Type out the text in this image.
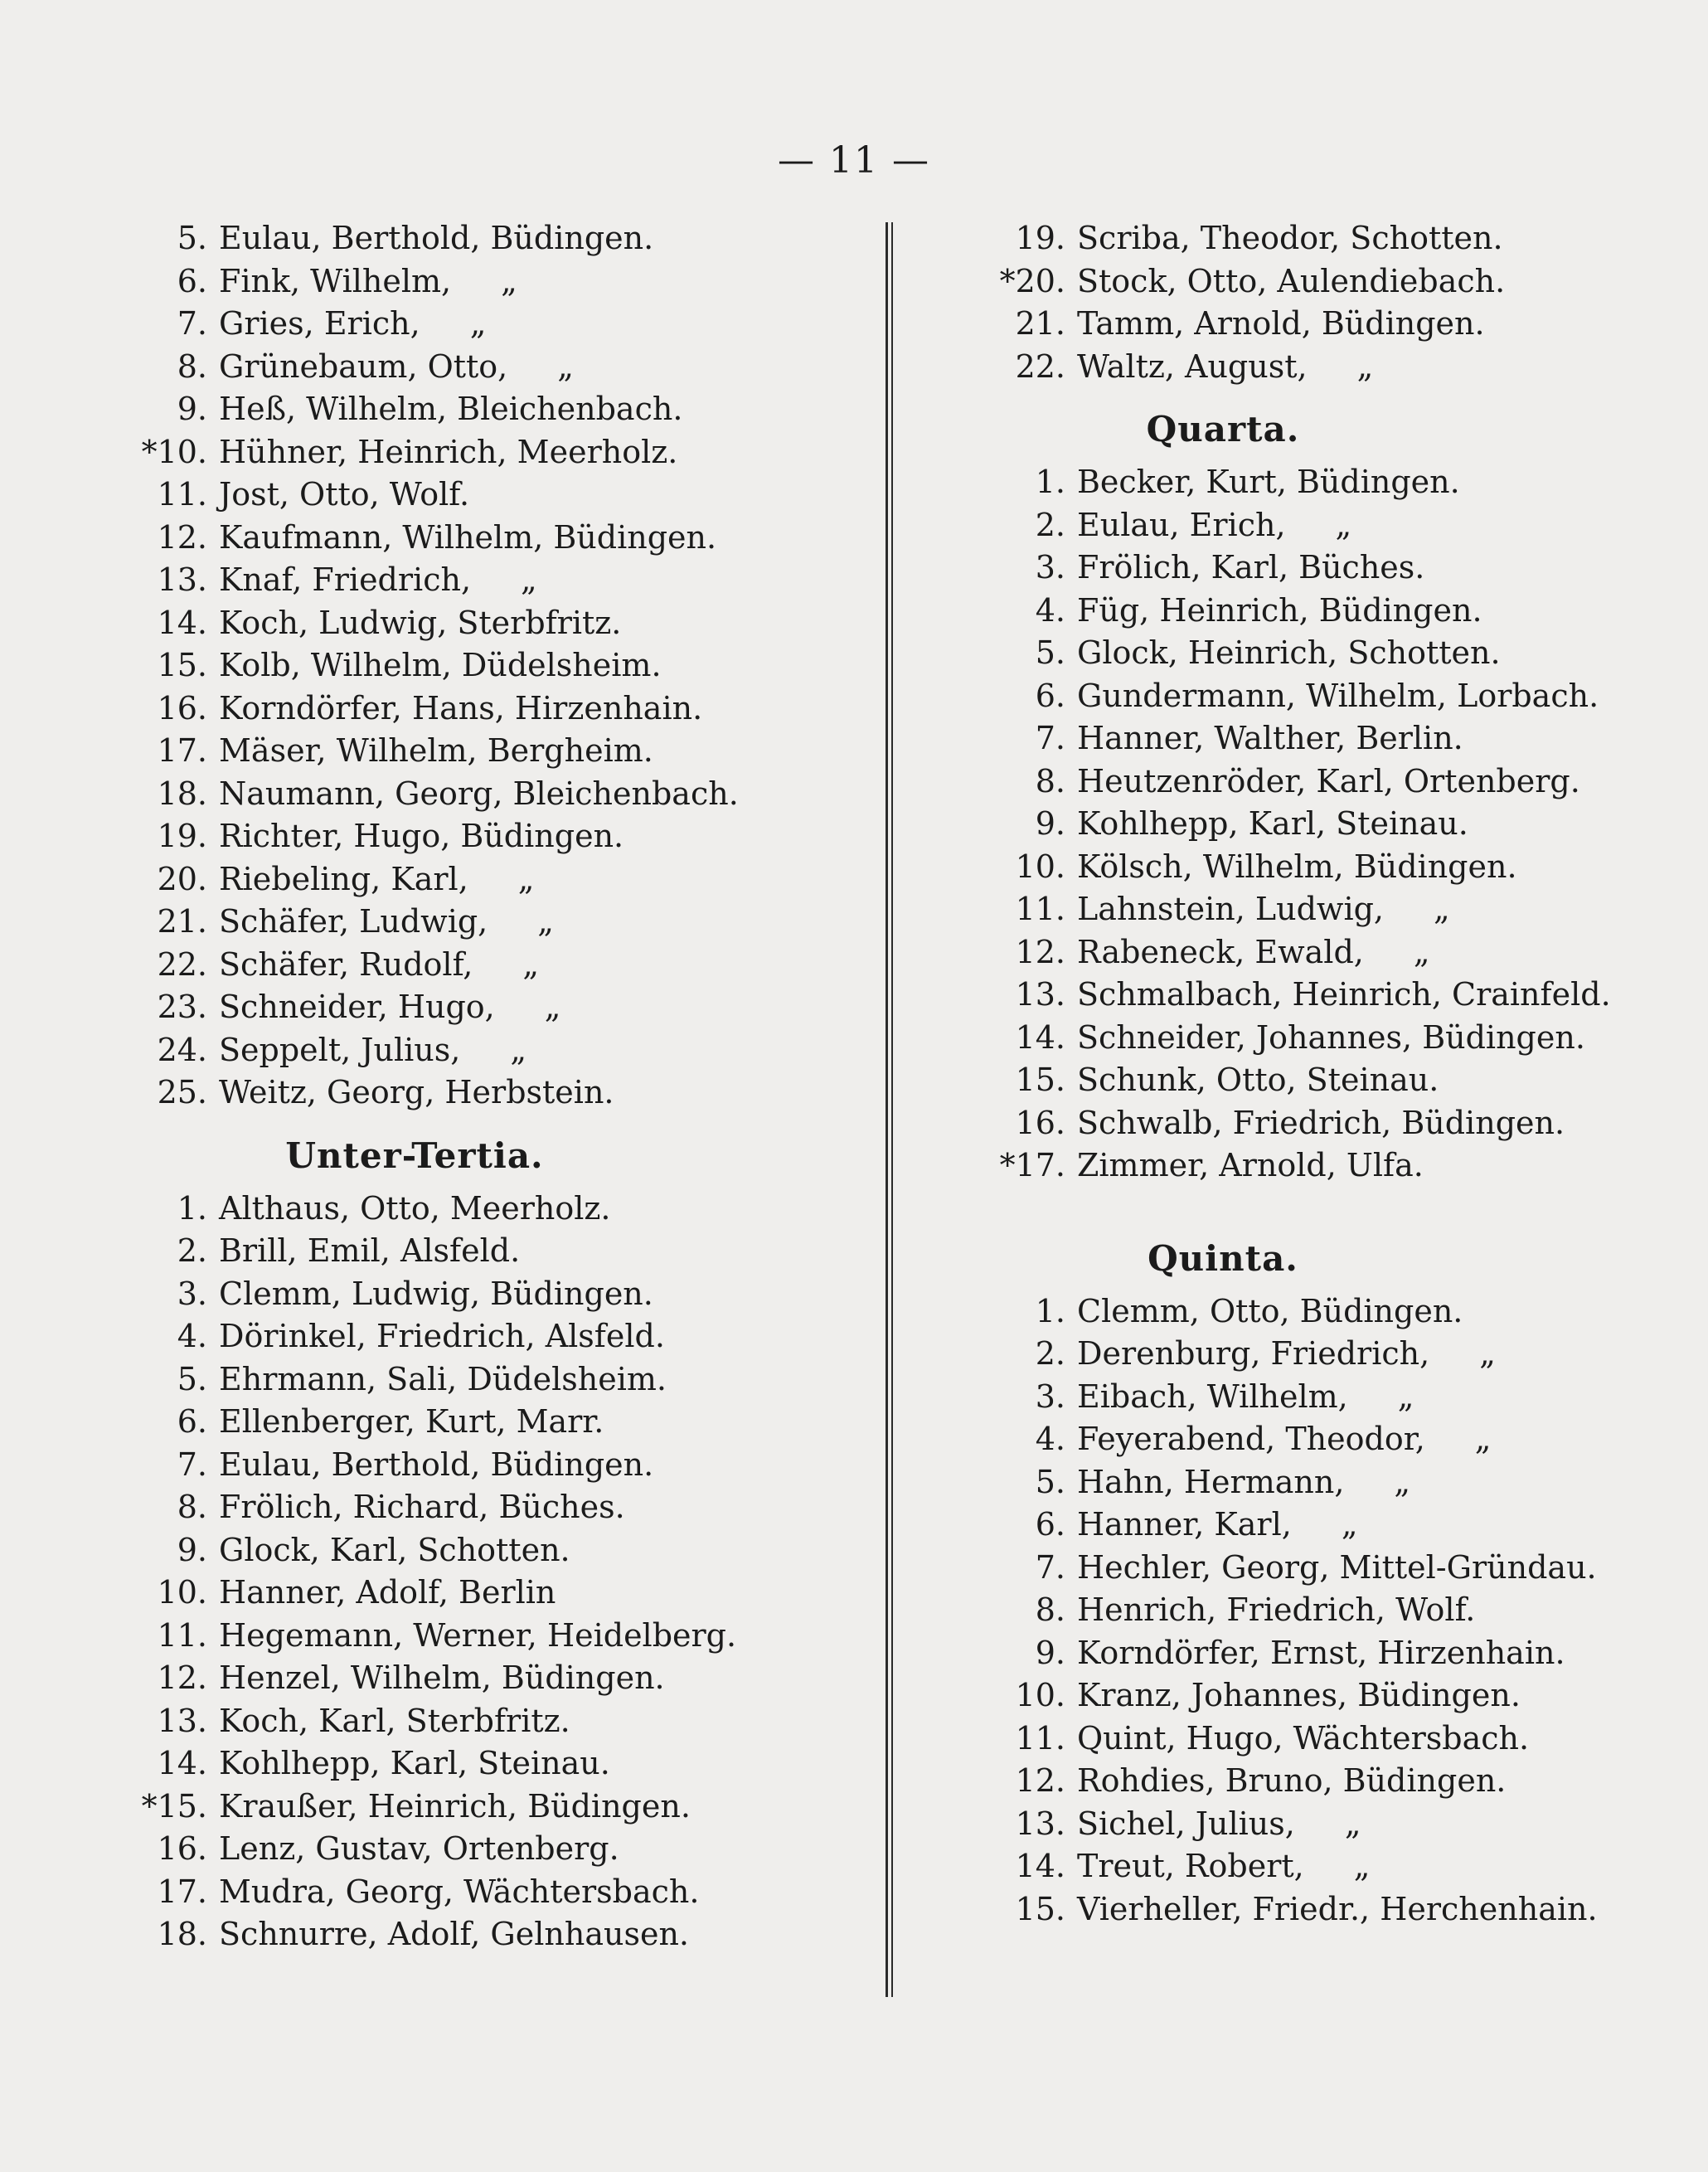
— 11 —
5. Eulau, Berthold, Büdingen.
6. Fink, Wilhelm, „
7. Gries, Erich, „
8. Grünebaum, Otto, „
9. Heß, Wilhelm, Bleichenbach.
*10. Hühner, Heinrich, Meerholz.
11. Jost, Otto, Wolf.
12. Kaufmann, Wilhelm, Büdingen.
13. Knaf, Friedrich, „
14. Koch, Ludwig, Sterbfritz.
15. Kolb, Wilhelm, Düdelsheim.
16. Korndörfer, Hans, Hirzenhain.
17. Mäser, Wilhelm, Bergheim.
18. Naumann, Georg, Bleichenbach.
19. Richter, Hugo, Büdingen.
20. Riebeling, Karl, „
21. Schäfer, Ludwig, „
22. Schäfer, Rudolf, „
23. Schneider, Hugo, „
24. Seppelt, Julius, „
25. Weitz, Georg, Herbstein.
Unter-Tertia.
1. Althaus, Otto, Meerholz.
2. Brill, Emil, Alsfeld.
3. Clemm, Ludwig, Büdingen.
4. Dörinkel, Friedrich, Alsfeld.
5. Ehrmann, Sali, Düdelsheim.
6. Ellenberger, Kurt, Marr.
7. Eulau, Berthold, Büdingen.
8. Frölich, Richard, Büches.
9. Glock, Karl, Schotten.
10. Hanner, Adolf, Berlin
11. Hegemann, Werner, Heidelberg.
12. Henzel, Wilhelm, Büdingen.
13. Koch, Karl, Sterbfritz.
14. Kohlhepp, Karl, Steinau.
*15. Kraußer, Heinrich, Büdingen.
16. Lenz, Gustav, Ortenberg.
17. Mudra, Georg, Wächtersbach.
18. Schnurre, Adolf, Gelnhausen.
19. Scriba, Theodor, Schotten.
*20. Stock, Otto, Aulendiebach.
21. Tamm, Arnold, Büdingen.
22. Waltz, August, „
Quarta.
1. Becker, Kurt, Büdingen.
2. Eulau, Erich, „
3. Frölich, Karl, Büches.
4. Füg, Heinrich, Büdingen.
5. Glock, Heinrich, Schotten.
6. Gundermann, Wilhelm, Lorbach.
7. Hanner, Walther, Berlin.
8. Heutzenröder, Karl, Ortenberg.
9. Kohlhepp, Karl, Steinau.
10. Kölsch, Wilhelm, Büdingen.
11. Lahnstein, Ludwig, „
12. Rabeneck, Ewald, „
13. Schmalbach, Heinrich, Crainfeld.
14. Schneider, Johannes, Büdingen.
15. Schunk, Otto, Steinau.
16. Schwalb, Friedrich, Büdingen.
*17. Zimmer, Arnold, Ulfa.
Quinta.
1. Clemm, Otto, Büdingen.
2. Derenburg, Friedrich, „
3. Eibach, Wilhelm, „
4. Feyerabend, Theodor, „
5. Hahn, Hermann, „
6. Hanner, Karl, „
7. Hechler, Georg, Mittel-Gründau.
8. Henrich, Friedrich, Wolf.
9. Korndörfer, Ernst, Hirzenhain.
10. Kranz, Johannes, Büdingen.
11. Quint, Hugo, Wächtersbach.
12. Rohdies, Bruno, Büdingen.
13. Sichel, Julius, „
14. Treut, Robert, „
15. Vierheller, Friedr., Herchenhain.
